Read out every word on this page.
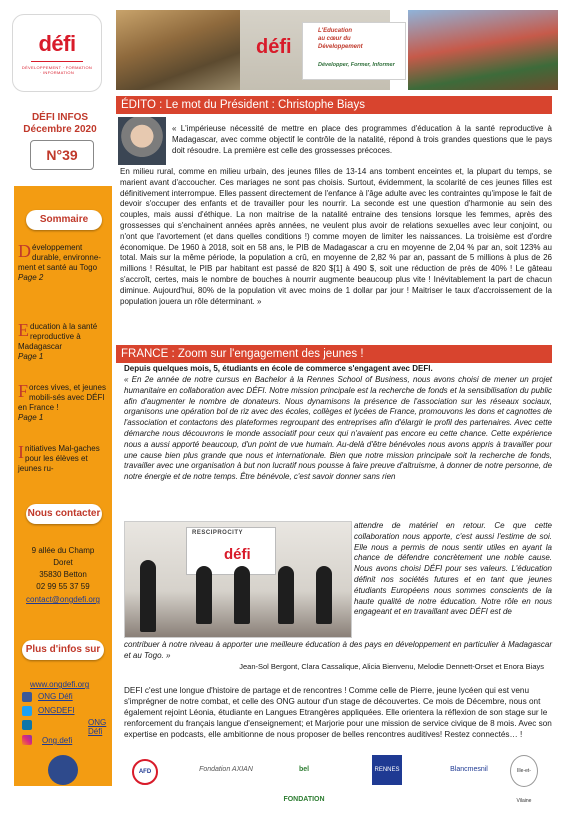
défi
DÉVELOPPEMENT · FORMATION · INFORMATION
défi
L'Education
au cœur du
Développement
Développer, Former, Informer
DÉFI INFOS
Décembre 2020
N°39
Sommaire
Développement durable, environne-ment et santé au Togo
Page 2
Education à la santé reproductive à Madagascar
Page 1
Forces vives, et jeunes mobili-sés avec DÉFI en France !
Page 1
Initiatives Mal-gaches pour les élèves et jeunes ru-
Nous contacter
9 allée du Champ
Doret
35830 Betton
02 99 55 37 59
contact@ongdefi.org
Plus d'infos sur
www.ongdefi.org
ONG Défi
ONGDEFI
ONG
Défi
Ong.defi
ÉDITO : Le mot du Président : Christophe Biays
« L'impérieuse nécessité de mettre en place des programmes d'éducation à la santé reproductive à Madagascar, avec comme objectif le contrôle de la natalité, répond à trois grandes questions que le pays doit résoudre. La première est celle des grossesses précoces.
En milieu rural, comme en milieu urbain, des jeunes filles de 13-14 ans tombent enceintes et, la plupart du temps, se marient avant d'accoucher. Ces mariages ne sont pas choisis. Surtout, évidemment, la scolarité de ces jeunes filles est définitivement interrompue. Elles passent directement de l'enfance à l'âge adulte avec les contraintes qu'impose le fait de devoir s'occuper des enfants et de travailler pour les nourrir. La seconde est une question d'harmonie au sein des couples, mais aussi d'éthique. La non maitrise de la natalité entraine des tensions lorsque les femmes, après des grossesses qui s'enchainent années après années, ne veulent plus avoir de relations sexuelles avec leur conjoint, ou n'ont que l'avortement (et dans quelles conditions !) comme moyen de limiter les naissances. La troisième est d'ordre économique. De 1960 à 2018, soit en 58 ans, le PIB de Madagascar a cru en moyenne de 2,04 % par an, soit 123% au total. Mais sur la même période, la population a crû, en moyenne de 2,82 % par an, passant de 5 millions à plus de 26 millions ! Résultat, le PIB par habitant est passé de 820 $[1] à 490 $, soit une réduction de près de 40% ! Le gâteau s'accroît, certes, mais le nombre de bouches à nourrir augmente beaucoup plus vite ! Inévitablement la part de chacun diminue. Aujourd'hui, 80% de la population vit avec moins de 1 dollar par jour ! Maitriser le taux d'accroissement de la population jouera un rôle déterminant. »
FRANCE : Zoom sur l'engagement des jeunes !
Depuis quelques mois, 5, étudiants en école de commerce s'engagent avec DEFI.
« En 2e année de notre cursus en Bachelor à la Rennes School of Business, nous avons choisi de mener un projet humanitaire en collaboration avec DÉFI. Notre mission principale est la recherche de fonds et la sensibilisation du public afin d'augmenter le nombre de donateurs. Nous dynamisons la présence de l'association sur les réseaux sociaux, organisons une opération bol de riz avec des écoles, collèges et lycées de France, promouvons les dons et cagnottes de l'association et contactons des plateformes regroupant des entreprises afin d'élargir le profil des partenaires. Avec cette démarche nous découvrons le monde associatif pour ceux qui n'avaient pas encore eu cette chance. Cette expérience nous a aussi apporté beaucoup, d'un point de vue humain. Au-delà d'être bénévoles nous avons appris à travailler pour une cause bien plus grande que nous et internationale. Bien que notre mission principale soit la recherche de fonds, travailler avec une organisation à but non lucratif nous pousse à faire preuve d'altruisme, à donner de notre personne, de notre énergie et de notre temps. Être bénévole, c'est savoir donner sans rien
RESCIPROCITY
défi
attendre de matériel en retour. Ce que cette collaboration nous apporte, c'est aussi l'estime de soi. Elle nous a permis de nous sentir utiles en ayant la chance de défendre concrètement une noble cause. Nous avons choisi DÉFI pour ses valeurs. L'éducation définit nos sociétés futures et en tant que jeunes étudiants Européens nous sommes conscients de la haute qualité de notre éducation. Notre rôle en nous engageant et en travaillant avec DÉFI est de
contribuer à notre niveau à apporter une meilleure éducation à des pays en développement en particulier à Madagascar et au Togo. »
Jean-Sol Bergont, Clara Cassalique, Alicia Bienvenu, Melodie Dennett-Orset et Enora Biays
DEFI c'est une longue d'histoire de partage et de rencontres ! Comme celle de Pierre, jeune lycéen qui est venu s'imprégner de notre combat, et celle des ONG autour d'un stage de découvertes. Ce mois de Décembre, nous ont également rejoint Léonia, étudiante en Langues Etrangères appliquées. Elle orientera la réflexion de son stage sur le renforcement du français langue d'enseignement; et Marjorie pour une mission de service civique de 8 mois. Avec son expertise en podcasts, elle ambitionne de nous proposer de belles rencontres auditives! Restez connectés… !
AFD	Fondation AXIAN	bel FONDATION
RENNES	Blancmesnil	Ille-et-Vilaine
